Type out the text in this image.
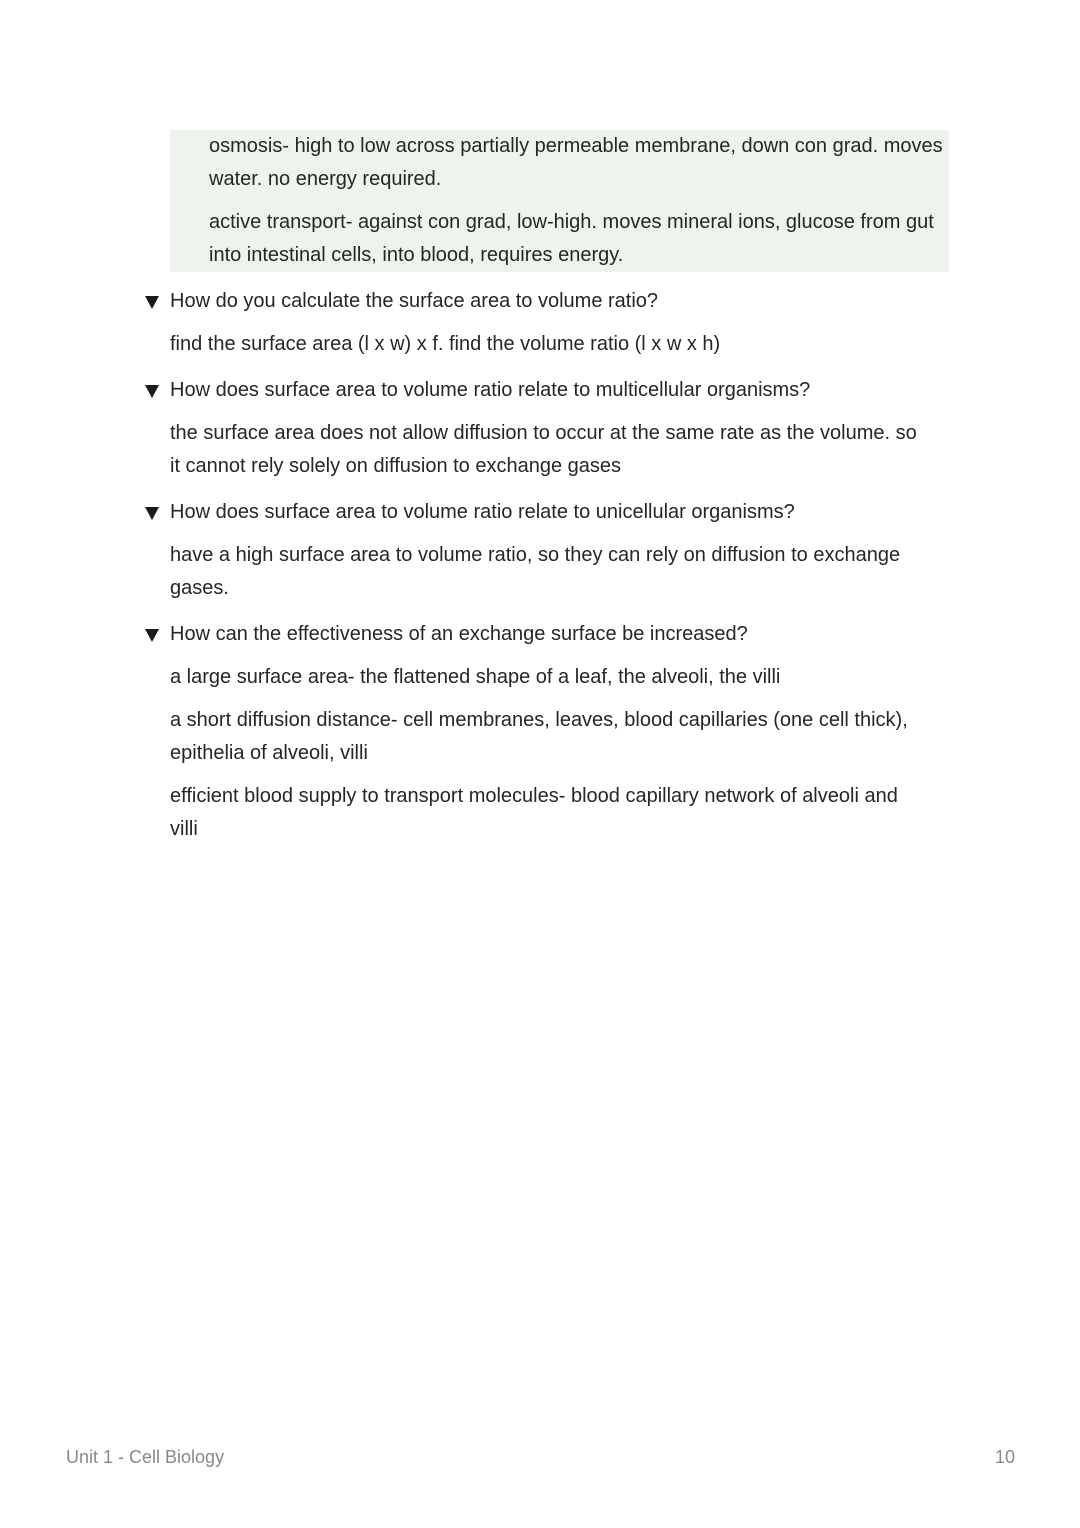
osmosis- high to low across partially permeable membrane, down con grad. moves water. no energy required.

active transport- against con grad, low-high. moves mineral ions, glucose from gut into intestinal cells, into blood, requires energy.

How do you calculate the surface area to volume ratio?
find the surface area (l x w) x f. find the volume ratio (l x w x h)
How does surface area to volume ratio relate to multicellular organisms?
the surface area does not allow diffusion to occur at the same rate as the volume. so it cannot rely solely on diffusion to exchange gases
How does surface area to volume ratio relate to unicellular organisms?
have a high surface area to volume ratio, so they can rely on diffusion to exchange gases.
How can the effectiveness of an exchange surface be increased?
a large surface area- the flattened shape of a leaf, the alveoli, the villi
a short diffusion distance- cell membranes, leaves, blood capillaries (one cell thick), epithelia of alveoli, villi
efficient blood supply to transport molecules- blood capillary network of alveoli and villi
Unit 1 - Cell Biology	10
